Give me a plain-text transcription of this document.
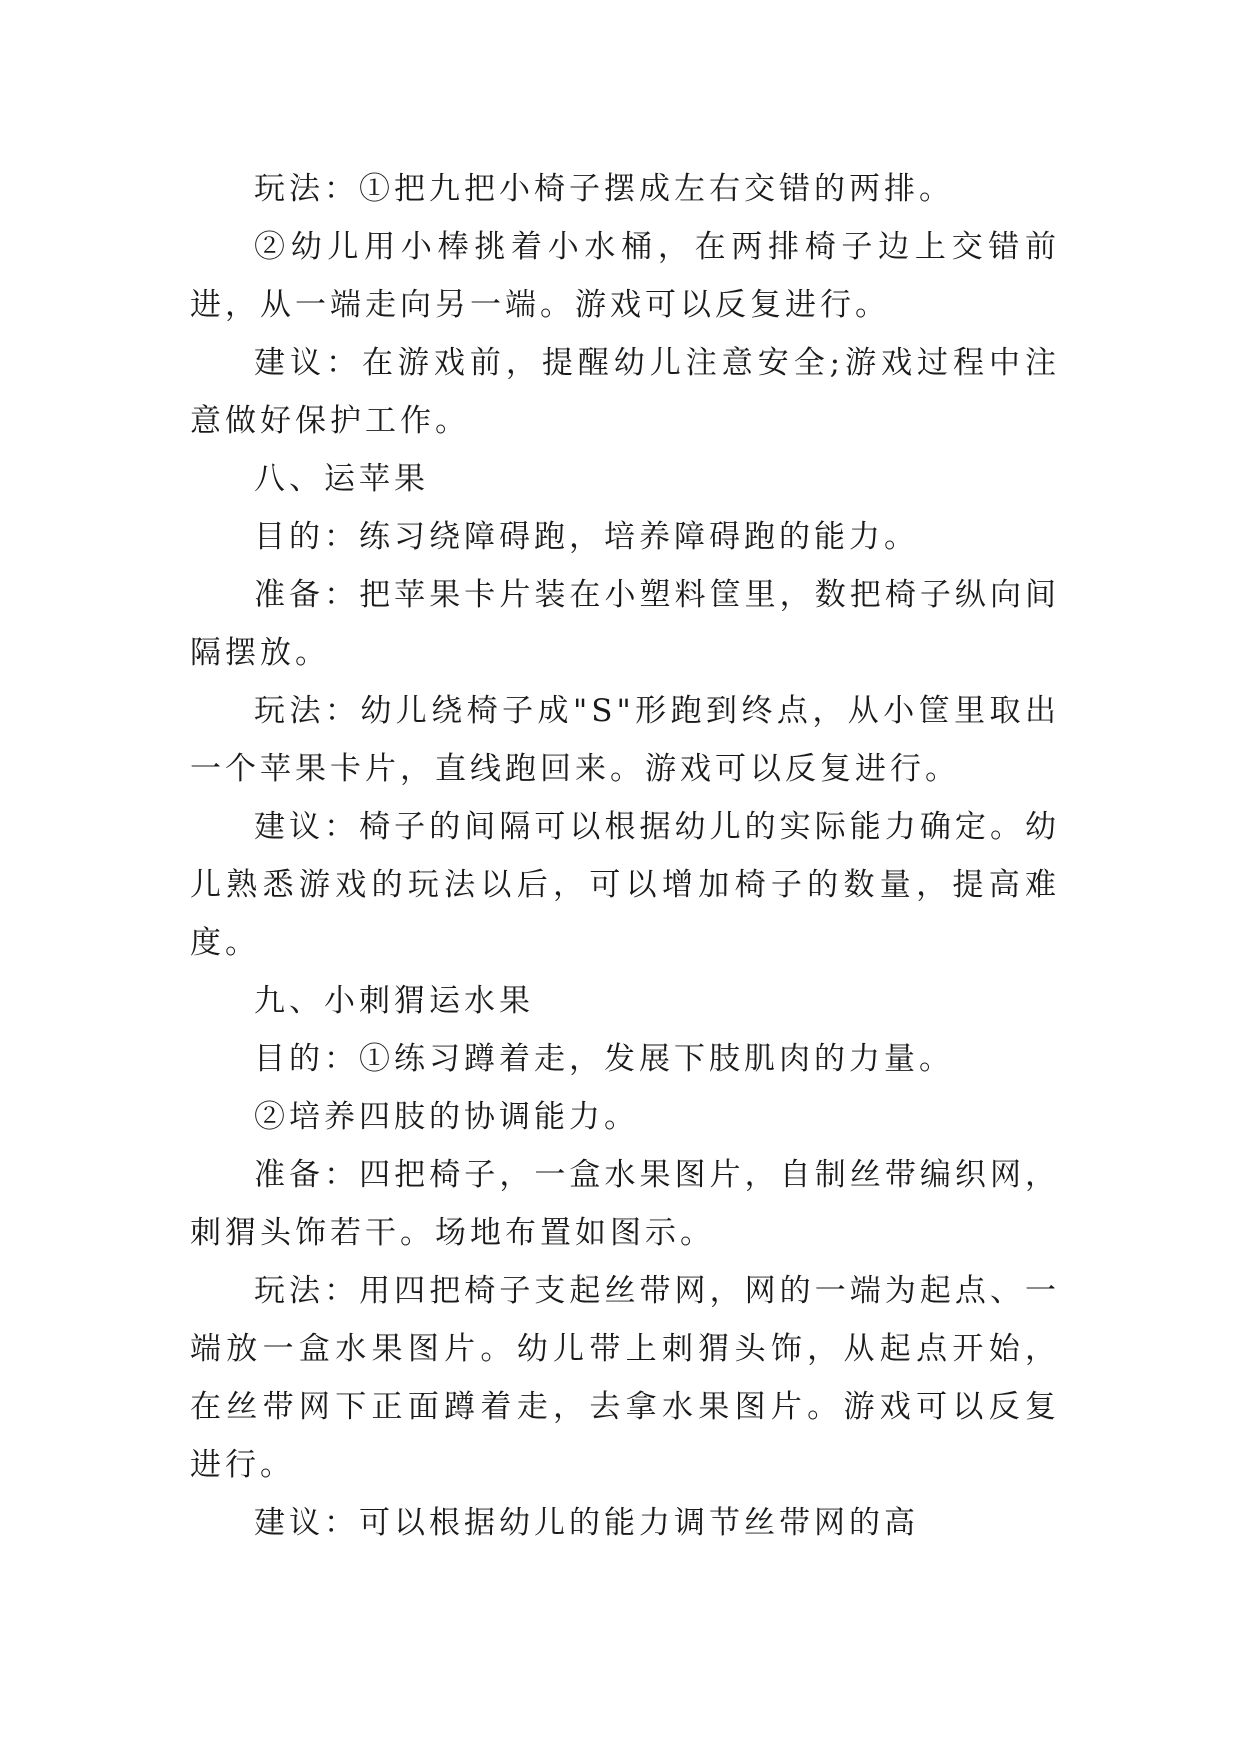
玩法：①把九把小椅子摆成左右交错的两排。

②幼儿用小棒挑着小水桶，在两排椅子边上交错前进，从一端走向另一端。游戏可以反复进行。

建议：在游戏前，提醒幼儿注意安全;游戏过程中注意做好保护工作。

八、运苹果

目的：练习绕障碍跑，培养障碍跑的能力。

准备：把苹果卡片装在小塑料筐里，数把椅子纵向间隔摆放。

玩法：幼儿绕椅子成"S"形跑到终点，从小筐里取出一个苹果卡片，直线跑回来。游戏可以反复进行。

建议：椅子的间隔可以根据幼儿的实际能力确定。幼儿熟悉游戏的玩法以后，可以增加椅子的数量，提高难度。

九、小刺猬运水果

目的：①练习蹲着走，发展下肢肌肉的力量。

②培养四肢的协调能力。

准备：四把椅子，一盒水果图片，自制丝带编织网，刺猬头饰若干。场地布置如图示。

玩法：用四把椅子支起丝带网，网的一端为起点、一端放一盒水果图片。幼儿带上刺猬头饰，从起点开始，在丝带网下正面蹲着走，去拿水果图片。游戏可以反复进行。

建议：可以根据幼儿的能力调节丝带网的高
